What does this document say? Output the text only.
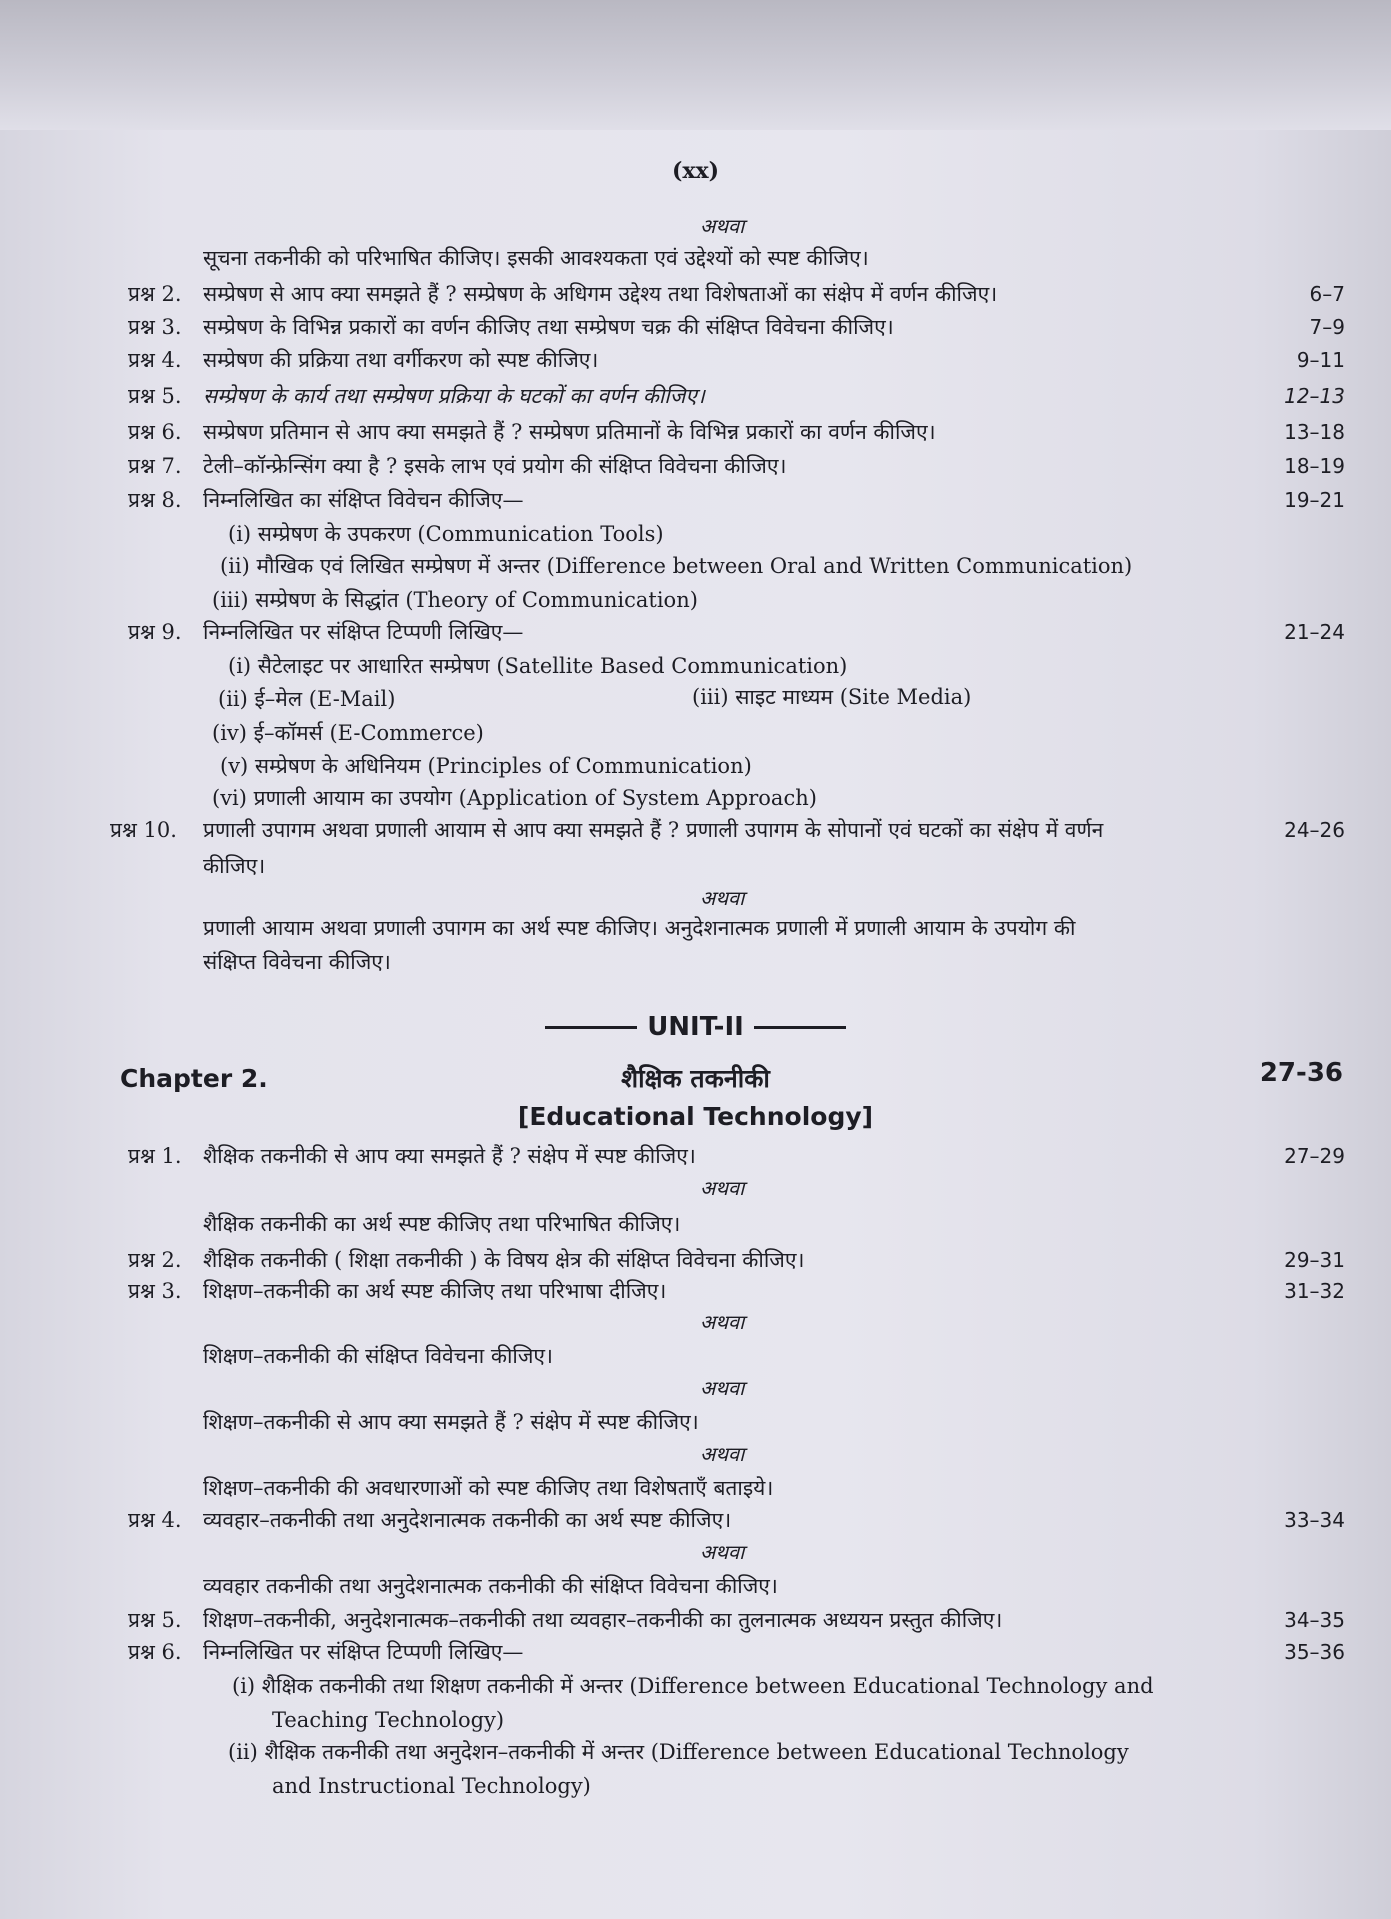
(xx)
अथवा
सूचना तकनीकी को परिभाषित कीजिए। इसकी आवश्यकता एवं उद्देश्यों को स्पष्ट कीजिए।
प्रश्न 2. सम्प्रेषण से आप क्या समझते हैं ? सम्प्रेषण के अधिगम उद्देश्य तथा विशेषताओं का संक्षेप में वर्णन कीजिए।	6–7
प्रश्न 3. सम्प्रेषण के विभिन्न प्रकारों का वर्णन कीजिए तथा सम्प्रेषण चक्र की संक्षिप्त विवेचना कीजिए।	7–9
प्रश्न 4. सम्प्रेषण की प्रक्रिया तथा वर्गीकरण को स्पष्ट कीजिए।	9–11
प्रश्न 5. सम्प्रेषण के कार्य तथा सम्प्रेषण प्रक्रिया के घटकों का वर्णन कीजिए।	12–13
प्रश्न 6. सम्प्रेषण प्रतिमान से आप क्या समझते हैं ? सम्प्रेषण प्रतिमानों के विभिन्न प्रकारों का वर्णन कीजिए।	13–18
प्रश्न 7. टेली–कॉन्फ्रेन्सिंग क्या है ? इसके लाभ एवं प्रयोग की संक्षिप्त विवेचना कीजिए।	18–19
प्रश्न 8. निम्नलिखित का संक्षिप्त विवेचन कीजिए—	19–21
(i) सम्प्रेषण के उपकरण (Communication Tools)
(ii) मौखिक एवं लिखित सम्प्रेषण में अन्तर (Difference between Oral and Written Communication)
(iii) सम्प्रेषण के सिद्धांत (Theory of Communication)
प्रश्न 9. निम्नलिखित पर संक्षिप्त टिप्पणी लिखिए—	21–24
(i) सैटेलाइट पर आधारित सम्प्रेषण (Satellite Based Communication)
(ii) ई–मेल (E-Mail)	(iii) साइट माध्यम (Site Media)
(iv) ई–कॉमर्स (E-Commerce)
(v) सम्प्रेषण के अधिनियम (Principles of Communication)
(vi) प्रणाली आयाम का उपयोग (Application of System Approach)
प्रश्न 10. प्रणाली उपागम अथवा प्रणाली आयाम से आप क्या समझते हैं ? प्रणाली उपागम के सोपानों एवं घटकों का संक्षेप में वर्णन	24–26
कीजिए।
अथवा
प्रणाली आयाम अथवा प्रणाली उपागम का अर्थ स्पष्ट कीजिए। अनुदेशनात्मक प्रणाली में प्रणाली आयाम के उपयोग की
संक्षिप्त विवेचना कीजिए।
UNIT-II
Chapter 2.	शैक्षिक तकनीकी
[Educational Technology]
27-36
प्रश्न 1. शैक्षिक तकनीकी से आप क्या समझते हैं ? संक्षेप में स्पष्ट कीजिए।	27–29
अथवा
शैक्षिक तकनीकी का अर्थ स्पष्ट कीजिए तथा परिभाषित कीजिए।
प्रश्न 2. शैक्षिक तकनीकी ( शिक्षा तकनीकी ) के विषय क्षेत्र की संक्षिप्त विवेचना कीजिए।	29–31
प्रश्न 3. शिक्षण–तकनीकी का अर्थ स्पष्ट कीजिए तथा परिभाषा दीजिए।	31–32
अथवा
शिक्षण–तकनीकी की संक्षिप्त विवेचना कीजिए।
अथवा
शिक्षण–तकनीकी से आप क्या समझते हैं ? संक्षेप में स्पष्ट कीजिए।
अथवा
शिक्षण–तकनीकी की अवधारणाओं को स्पष्ट कीजिए तथा विशेषताएँ बताइये।
प्रश्न 4. व्यवहार–तकनीकी तथा अनुदेशनात्मक तकनीकी का अर्थ स्पष्ट कीजिए।	33–34
अथवा
व्यवहार तकनीकी तथा अनुदेशनात्मक तकनीकी की संक्षिप्त विवेचना कीजिए।
प्रश्न 5. शिक्षण–तकनीकी, अनुदेशनात्मक–तकनीकी तथा व्यवहार–तकनीकी का तुलनात्मक अध्ययन प्रस्तुत कीजिए।	34–35
प्रश्न 6. निम्नलिखित पर संक्षिप्त टिप्पणी लिखिए—	35–36
(i) शैक्षिक तकनीकी तथा शिक्षण तकनीकी में अन्तर (Difference between Educational Technology and
Teaching Technology)
(ii) शैक्षिक तकनीकी तथा अनुदेशन–तकनीकी में अन्तर (Difference between Educational Technology
and Instructional Technology)
